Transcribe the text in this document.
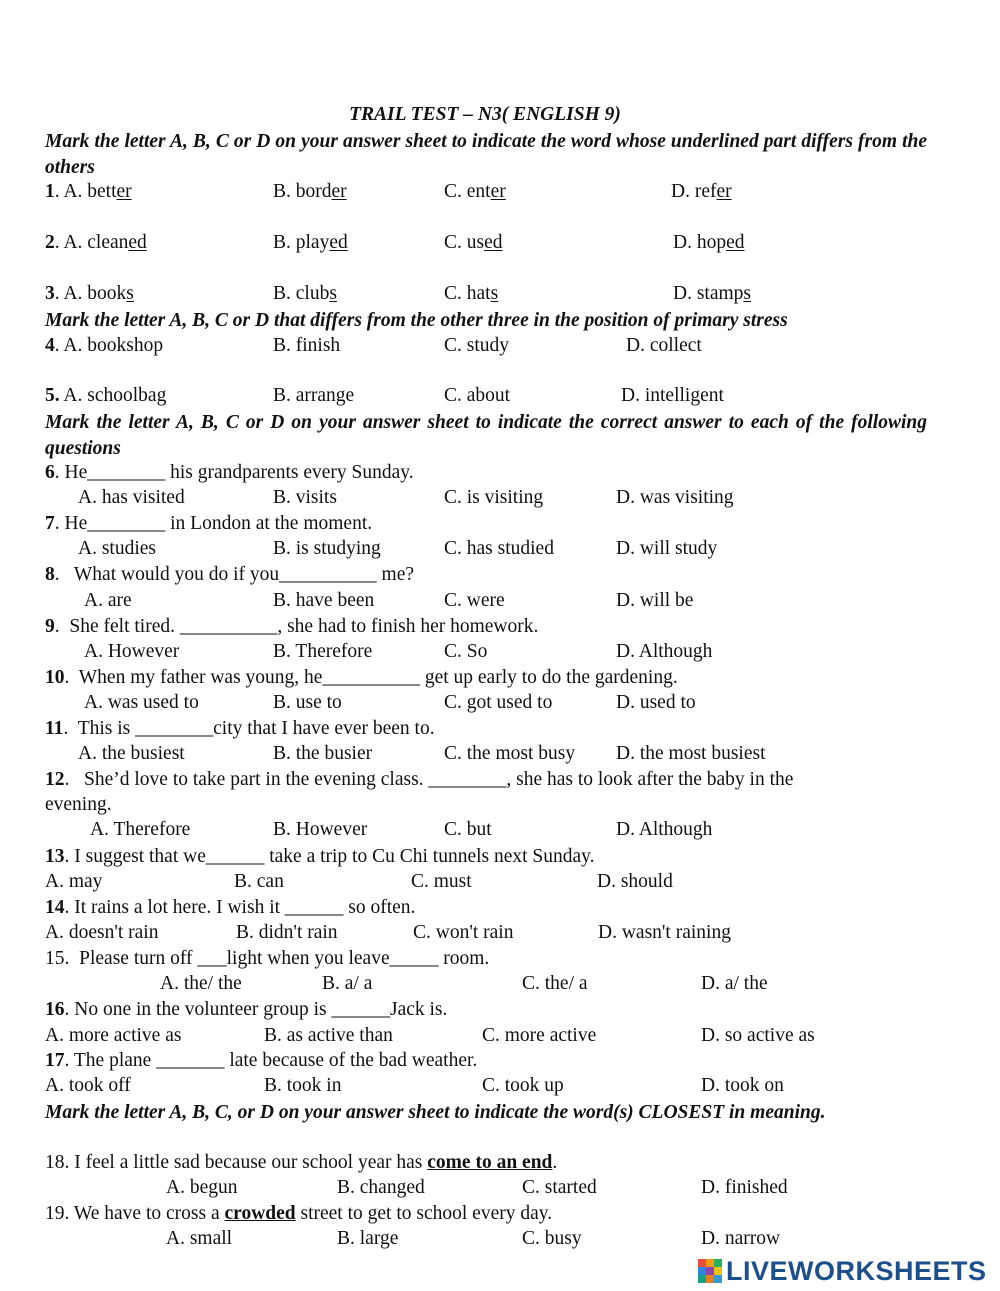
TRAIL TEST – N3( ENGLISH 9)
Mark the letter A, B, C or D on your answer sheet to indicate the word whose underlined part differs from the others
1. A. better	B. border	C. enter	D. refer
2. A. cleaned	B. played	C. used	D. hoped
3. A. books	B. clubs	C. hats	D. stamps
Mark the letter A, B, C or D that differs from the other three in the position of primary stress
4. A. bookshop	B. finish	C. study	D. collect
5. A. schoolbag	B. arrange	C. about	D. intelligent
Mark the letter A, B, C or D on your answer sheet to indicate the correct answer to each of the following questions
6. He________ his grandparents every Sunday.
A. has visited	B. visits	C. is visiting	D. was visiting
7. He________ in London at the moment.
A. studies	B. is studying	C. has studied	D. will study
8.   What would you do if you__________ me?
A. are	B. have been	C. were	D. will be
9.  She felt tired. __________, she had to finish her homework.
A. However	B. Therefore	C. So	D. Although
10.  When my father was young, he__________ get up early to do the gardening.
A. was used to	B. use to	C. got used to	D. used to
11.  This is ________city that I have ever been to.
A. the busiest	B. the busier	C. the most busy D. the most busiest
12.   She’d love to take part in the evening class. ________, she has to look after the baby in the
evening.
A. Therefore	B. However	C. but	D. Although
13. I suggest that we______ take a trip to Cu Chi tunnels next Sunday.
A. may	B. can	C. must	D. should
14. It rains a lot here. I wish it ______ so often.
A. doesn't rain	B. didn't rain	C. won't rain	D. wasn't raining
15.  Please turn off ___light when you leave_____ room.
A. the/ the	B. a/ a	C. the/ a	D. a/ the
16. No one in the volunteer group is ______Jack is.
A. more active as	B. as active than	C. more active	D. so active as
17. The plane _______ late because of the bad weather.
A. took off	B. took in	C. took up	D. took on
Mark the letter A, B, C, or D on your answer sheet to indicate the word(s) CLOSEST in meaning.
18. I feel a little sad because our school year has come to an end.
A. begun	B. changed	C. started	D. finished
19. We have to cross a crowded street to get to school every day.
A. small	B. large	C. busy	D. narrow
LIVEWORKSHEETS
